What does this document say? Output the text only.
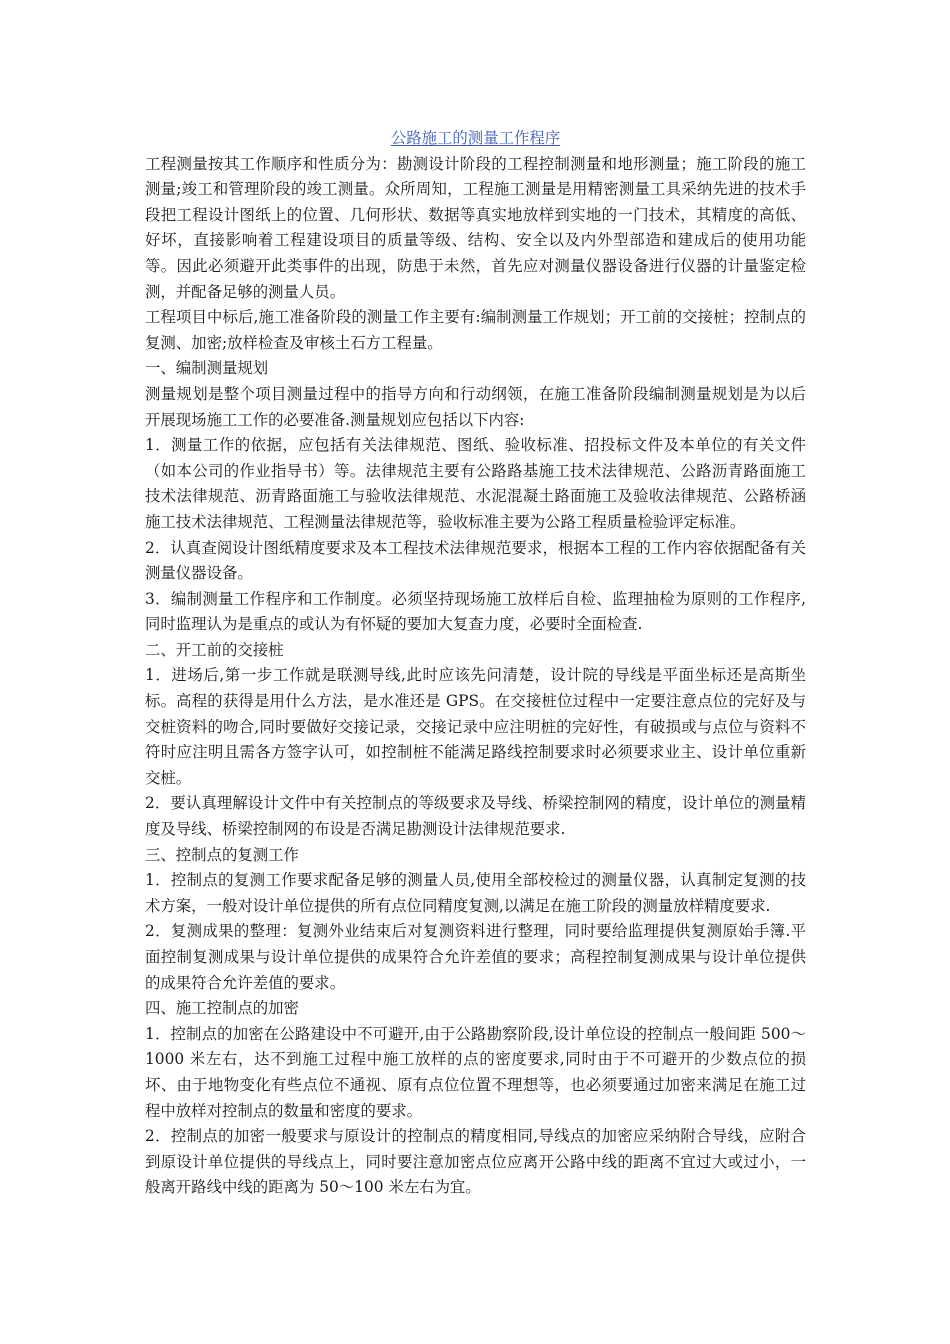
公路施工的测量工作程序

工程测量按其工作顺序和性质分为：勘测设计阶段的工程控制测量和地形测量；施工阶段的施工测量;竣工和管理阶段的竣工测量。众所周知，工程施工测量是用精密测量工具采纳先进的技术手段把工程设计图纸上的位置、几何形状、数据等真实地放样到实地的一门技术，其精度的高低、好坏，直接影响着工程建设项目的质量等级、结构、安全以及内外型部造和建成后的使用功能等。因此必须避开此类事件的出现，防患于未然，首先应对测量仪器设备进行仪器的计量鉴定检测，并配备足够的测量人员。

工程项目中标后,施工准备阶段的测量工作主要有:编制测量工作规划；开工前的交接桩；控制点的复测、加密;放样检查及审核土石方工程量。

一、编制测量规划

测量规划是整个项目测量过程中的指导方向和行动纲领，在施工准备阶段编制测量规划是为以后开展现场施工工作的必要准备.测量规划应包括以下内容:

1．测量工作的依据，应包括有关法律规范、图纸、验收标准、招投标文件及本单位的有关文件（如本公司的作业指导书）等。法律规范主要有公路路基施工技术法律规范、公路沥青路面施工技术法律规范、沥青路面施工与验收法律规范、水泥混凝土路面施工及验收法律规范、公路桥涵施工技术法律规范、工程测量法律规范等，验收标准主要为公路工程质量检验评定标准。

2．认真查阅设计图纸精度要求及本工程技术法律规范要求，根据本工程的工作内容依据配备有关测量仪器设备。

3．编制测量工作程序和工作制度。必须坚持现场施工放样后自检、监理抽检为原则的工作程序,同时监理认为是重点的或认为有怀疑的要加大复查力度，必要时全面检查.

二、开工前的交接桩

1．进场后,第一步工作就是联测导线,此时应该先问清楚，设计院的导线是平面坐标还是高斯坐标。高程的获得是用什么方法，是水准还是 GPS。在交接桩位过程中一定要注意点位的完好及与交桩资料的吻合,同时要做好交接记录，交接记录中应注明桩的完好性，有破损或与点位与资料不符时应注明且需各方签字认可，如控制桩不能满足路线控制要求时必须要求业主、设计单位重新交桩。

2．要认真理解设计文件中有关控制点的等级要求及导线、桥梁控制网的精度，设计单位的测量精度及导线、桥梁控制网的布设是否满足勘测设计法律规范要求.

三、控制点的复测工作

1．控制点的复测工作要求配备足够的测量人员,使用全部校检过的测量仪器，认真制定复测的技术方案，一般对设计单位提供的所有点位同精度复测,以满足在施工阶段的测量放样精度要求.

2．复测成果的整理：复测外业结束后对复测资料进行整理，同时要给监理提供复测原始手簿.平面控制复测成果与设计单位提供的成果符合允许差值的要求；高程控制复测成果与设计单位提供的成果符合允许差值的要求。

四、施工控制点的加密

1．控制点的加密在公路建设中不可避开,由于公路勘察阶段,设计单位设的控制点一般间距 500～1000 米左右，达不到施工过程中施工放样的点的密度要求,同时由于不可避开的少数点位的损坏、由于地物变化有些点位不通视、原有点位位置不理想等，也必须要通过加密来满足在施工过程中放样对控制点的数量和密度的要求。

2．控制点的加密一般要求与原设计的控制点的精度相同,导线点的加密应采纳附合导线，应附合到原设计单位提供的导线点上，同时要注意加密点位应离开公路中线的距离不宜过大或过小，一般离开路线中线的距离为 50～100 米左右为宜。
